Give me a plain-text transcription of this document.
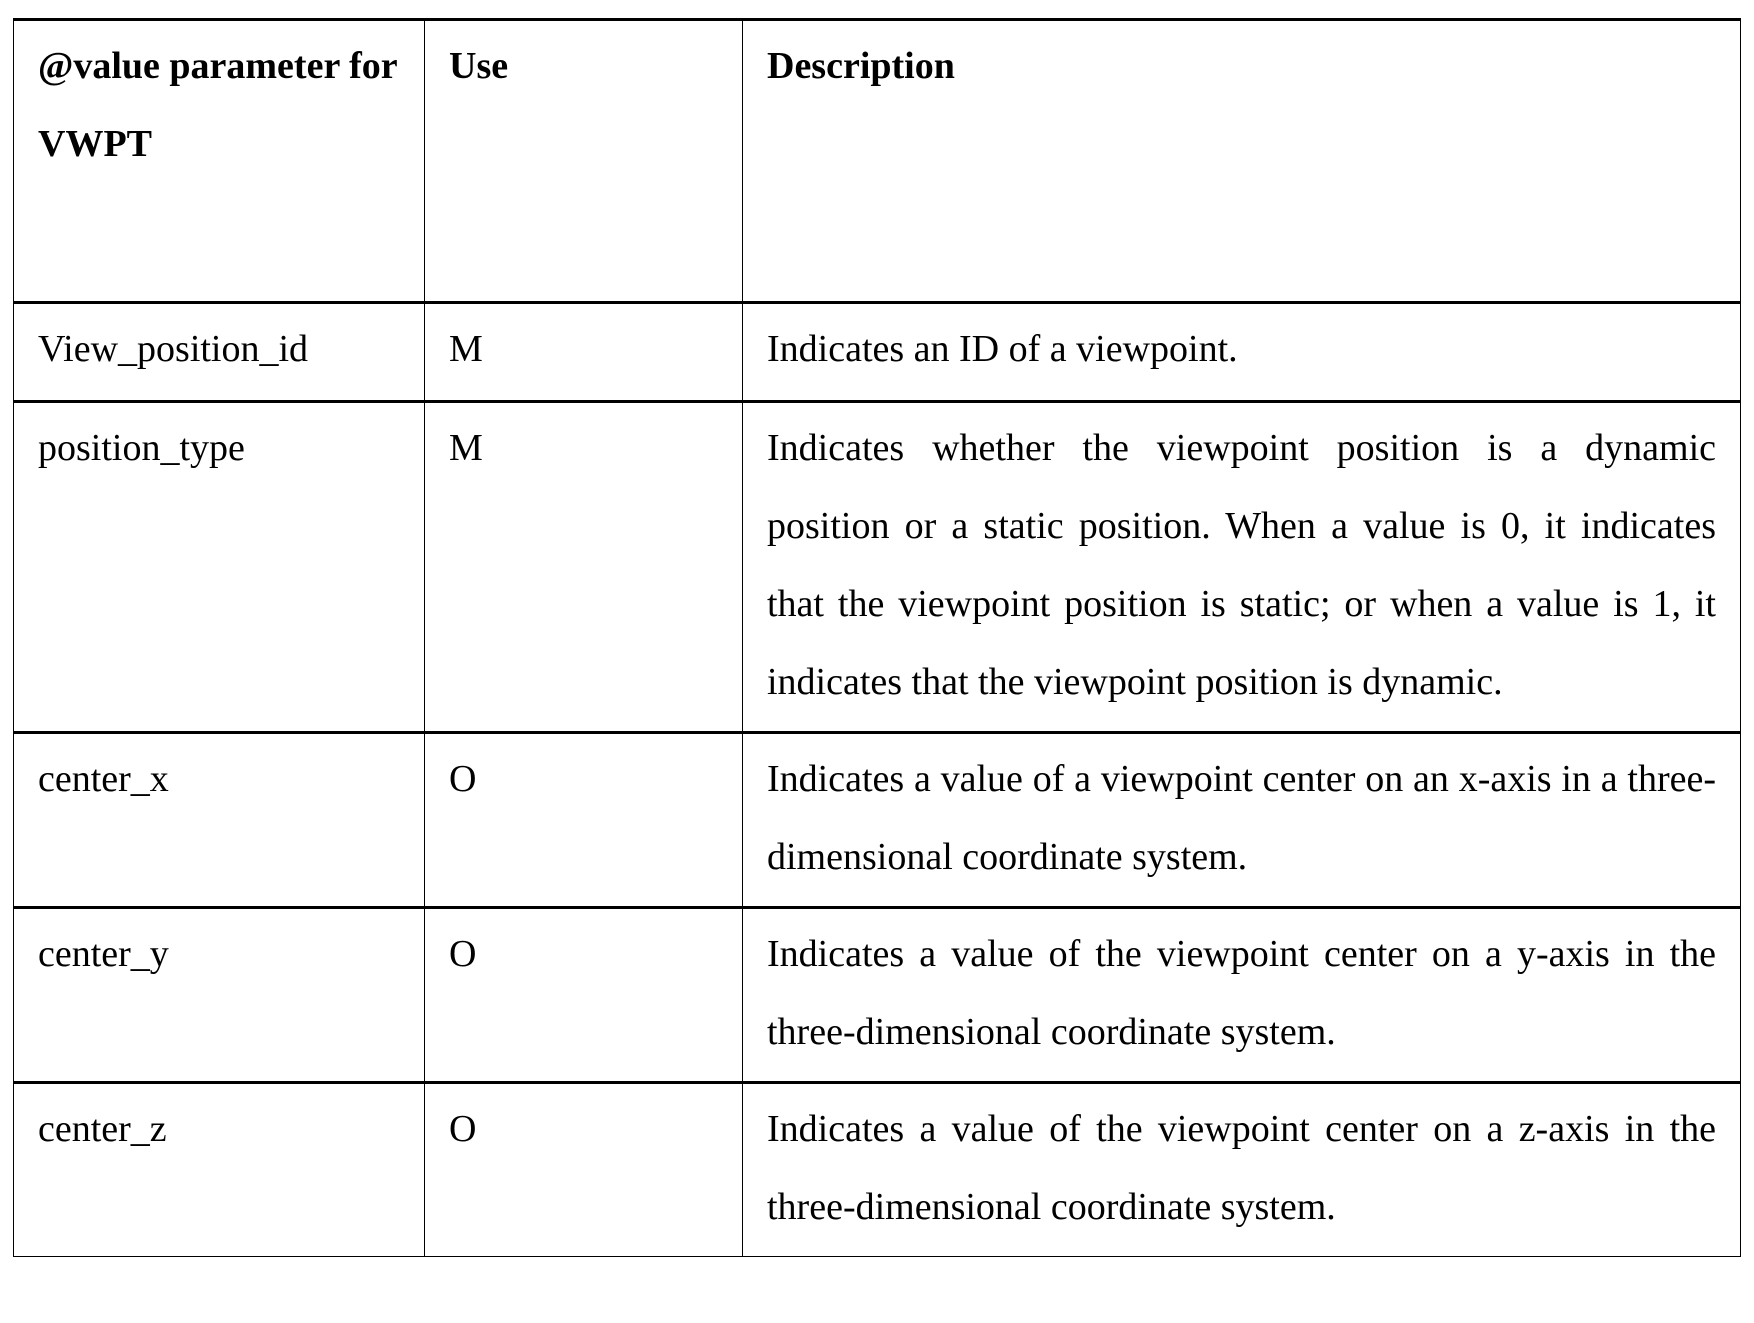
@value parameter for VWPT	Use	Description
View_position_id	M	Indicates an ID of a viewpoint.
position_type	M	Indicates whether the viewpoint position is a dynamic position or a static position. When a value is 0, it indicates that the viewpoint position is static; or when a value is 1, it indicates that the viewpoint position is dynamic.
center_x	O	Indicates a value of a viewpoint center on an x-axis in a three-dimensional coordinate system.
center_y	O	Indicates a value of the viewpoint center on a y-axis in the three-dimensional coordinate system.
center_z	O	Indicates a value of the viewpoint center on a z-axis in the three-dimensional coordinate system.
